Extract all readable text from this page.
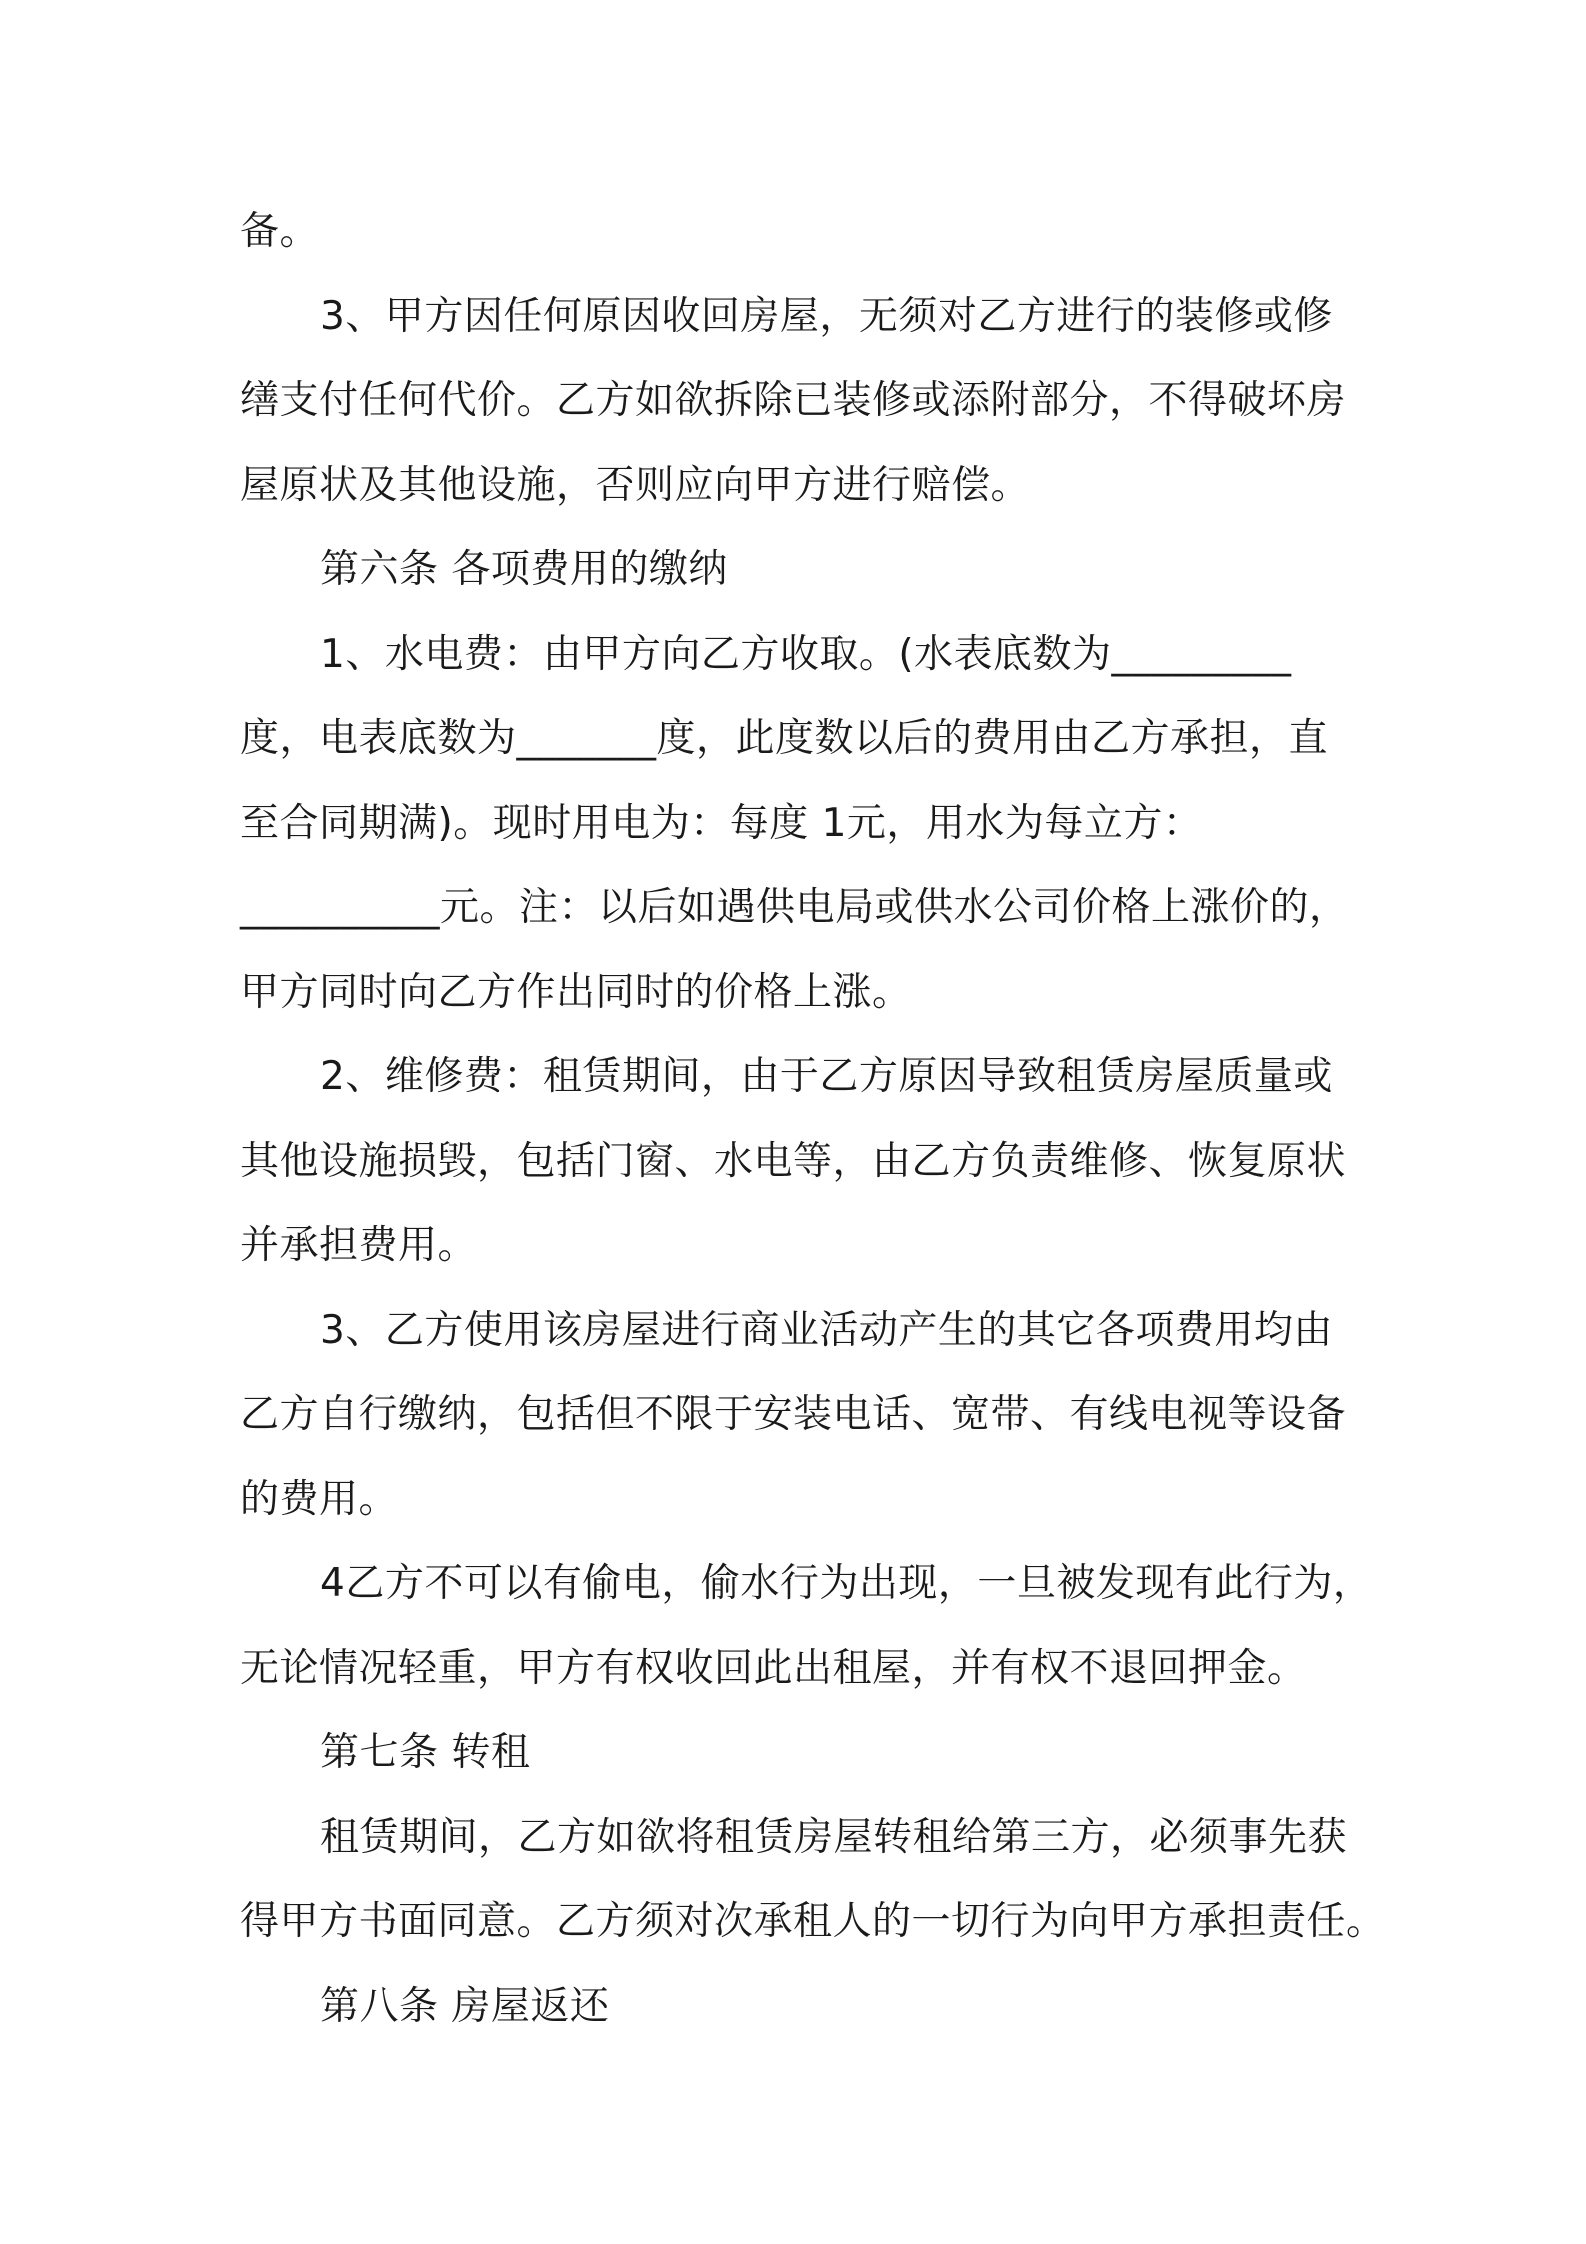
备。

3、甲方因任何原因收回房屋，无须对乙方进行的装修或修

缮支付任何代价。乙方如欲拆除已装修或添附部分，不得破坏房

屋原状及其他设施，否则应向甲方进行赔偿。

第六条 各项费用的缴纳

1、水电费：由甲方向乙方收取。(水表底数为_________

度，电表底数为_______度，此度数以后的费用由乙方承担，直

至合同期满)。现时用电为：每度 1元，用水为每立方：

__________元。注：以后如遇供电局或供水公司价格上涨价的，

甲方同时向乙方作出同时的价格上涨。

2、维修费：租赁期间，由于乙方原因导致租赁房屋质量或

其他设施损毁，包括门窗、水电等，由乙方负责维修、恢复原状

并承担费用。

3、乙方使用该房屋进行商业活动产生的其它各项费用均由

乙方自行缴纳，包括但不限于安装电话、宽带、有线电视等设备

的费用。

4乙方不可以有偷电，偷水行为出现，一旦被发现有此行为，

无论情况轻重，甲方有权收回此出租屋，并有权不退回押金。

第七条 转租

租赁期间，乙方如欲将租赁房屋转租给第三方，必须事先获

得甲方书面同意。乙方须对次承租人的一切行为向甲方承担责任。

第八条 房屋返还
